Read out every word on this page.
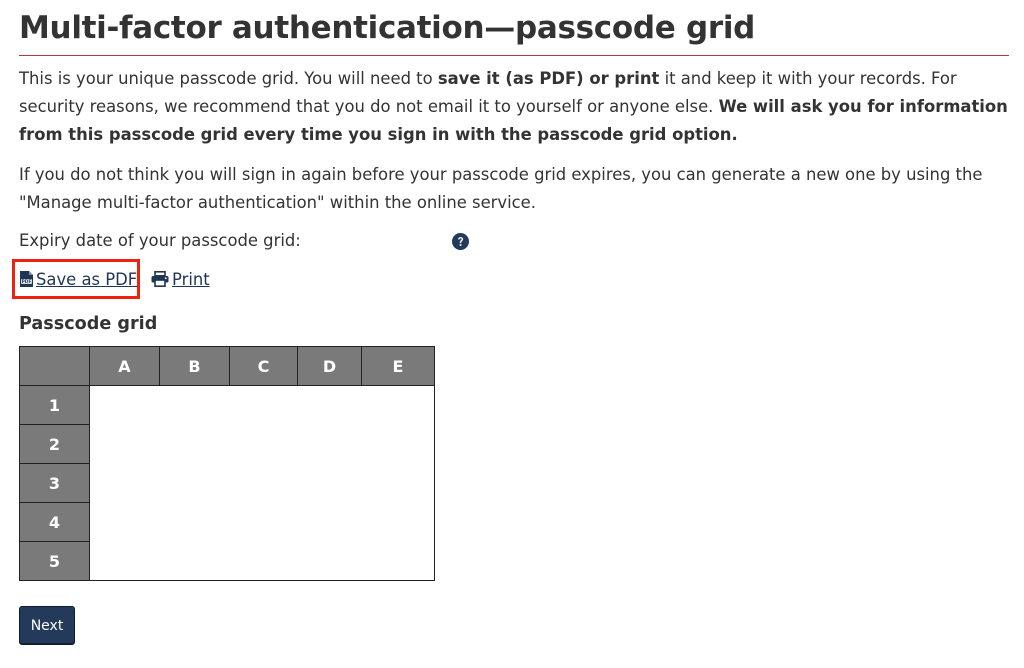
Multi-factor authentication—passcode grid

This is your unique passcode grid. You will need to save it (as PDF) or print it and keep it with your records. For security reasons, we recommend that you do not email it to yourself or anyone else. We will ask you for information from this passcode grid every time you sign in with the passcode grid option.

If you do not think you will sign in again before your passcode grid expires, you can generate a new one by using the "Manage multi-factor authentication" within the online service.

Expiry date of your passcode grid:
PDF Save as PDF	Print
Passcode grid
	A	B	C	D	E
1					
2					
3					
4					
5					
Next
